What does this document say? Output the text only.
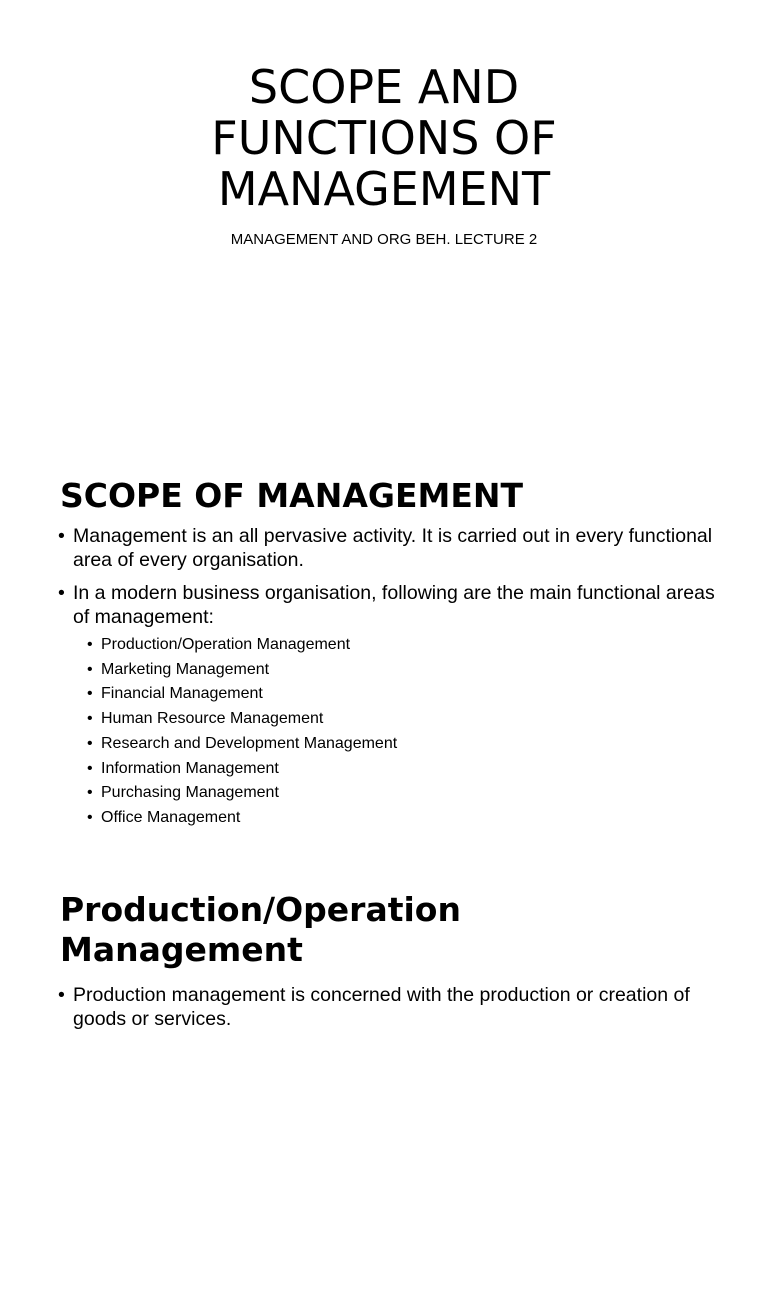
SCOPE AND
FUNCTIONS OF
MANAGEMENT

MANAGEMENT AND ORG BEH. LECTURE 2

SCOPE OF MANAGEMENT
• Management is an all pervasive activity. It is carried out in every functional area of every organisation.
• In a modern business organisation, following are the main functional areas of management:
• Production/Operation Management
• Marketing Management
• Financial Management
• Human Resource Management
• Research and Development Management
• Information Management
• Purchasing Management
• Office Management
Production/Operation
Management
• Production management is concerned with the production or creation of goods or services.
